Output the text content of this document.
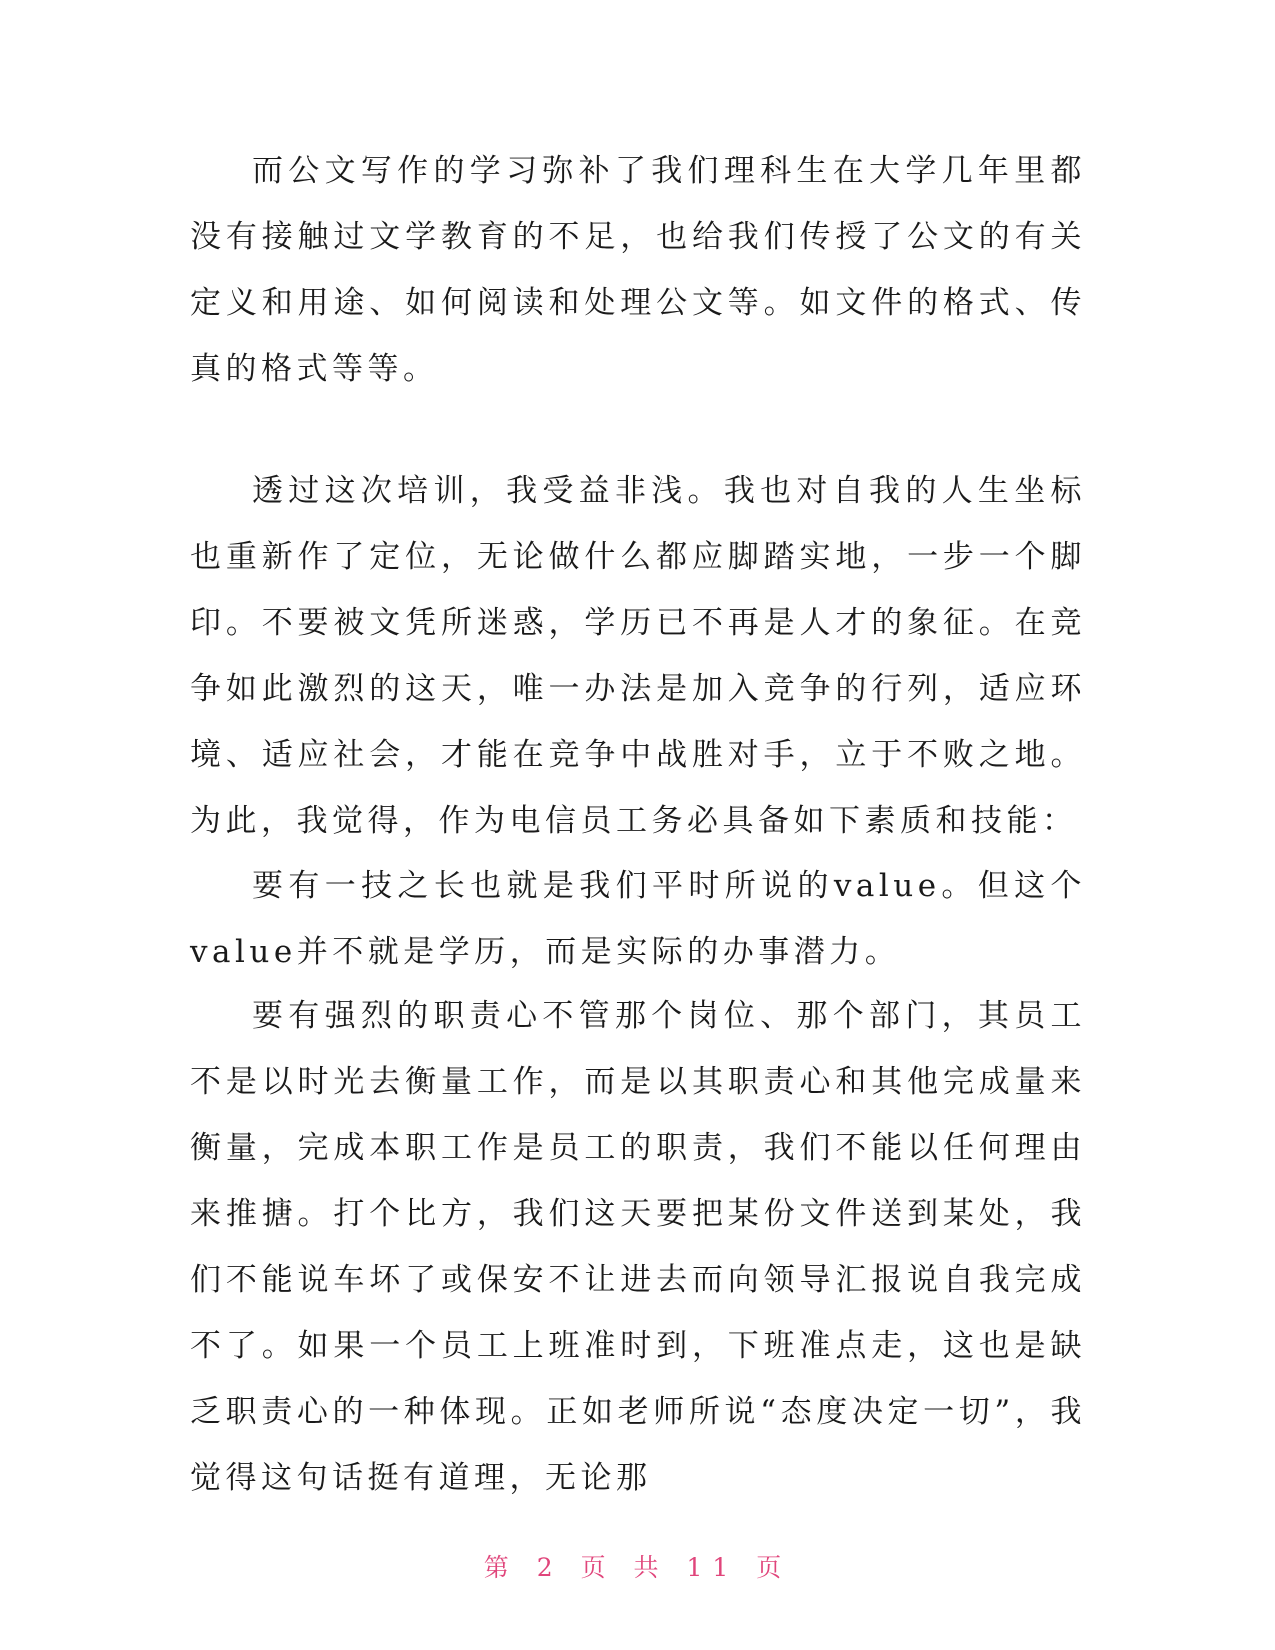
而公文写作的学习弥补了我们理科生在大学几年里都没有接触过文学教育的不足，也给我们传授了公文的有关定义和用途、如何阅读和处理公文等。如文件的格式、传真的格式等等。

透过这次培训，我受益非浅。我也对自我的人生坐标也重新作了定位，无论做什么都应脚踏实地，一步一个脚印。不要被文凭所迷惑，学历已不再是人才的象征。在竞争如此激烈的这天，唯一办法是加入竞争的行列，适应环境、适应社会，才能在竞争中战胜对手，立于不败之地。为此，我觉得，作为电信员工务必具备如下素质和技能：

要有一技之长也就是我们平时所说的value。但这个value并不就是学历，而是实际的办事潜力。

要有强烈的职责心不管那个岗位、那个部门，其员工不是以时光去衡量工作，而是以其职责心和其他完成量来衡量，完成本职工作是员工的职责，我们不能以任何理由来推搪。打个比方，我们这天要把某份文件送到某处，我们不能说车坏了或保安不让进去而向领导汇报说自我完成不了。如果一个员工上班准时到，下班准点走，这也是缺乏职责心的一种体现。正如老师所说“态度决定一切”，我觉得这句话挺有道理，无论那

第 2 页 共 11 页
